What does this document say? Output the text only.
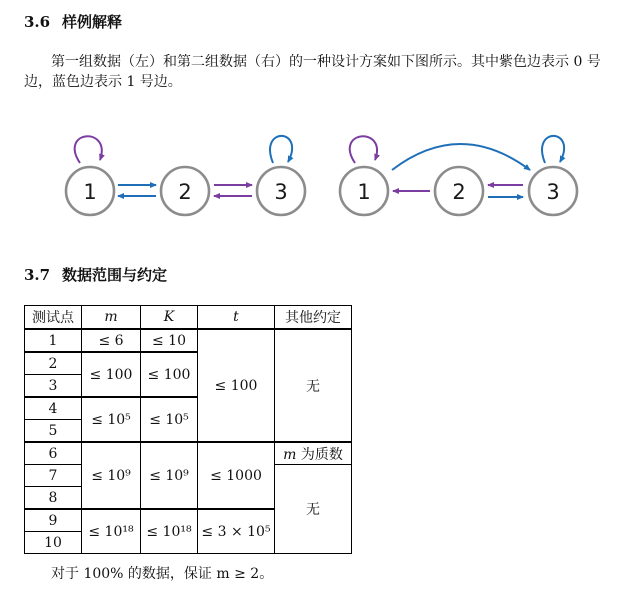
3.6 样例解释
第一组数据（左）和第二组数据（右）的一种设计方案如下图所示。其中紫色边表示 0 号边，蓝色边表示 1 号边。
1	2	3	1	2	3
3.7 数据范围与约定
测试点	m	K	t	其他约定
1	≤ 6	≤ 10	≤ 100	无
2	≤ 100	≤ 100		
3				
4	≤ 10⁵	≤ 10⁵		
5				
6	≤ 10⁹	≤ 10⁹	≤ 1000	m 为质数
7				无
8				
9	≤ 10¹⁸	≤ 10¹⁸	≤ 3 × 10⁵	
10				
对于 100% 的数据，保证 m ≥ 2。
